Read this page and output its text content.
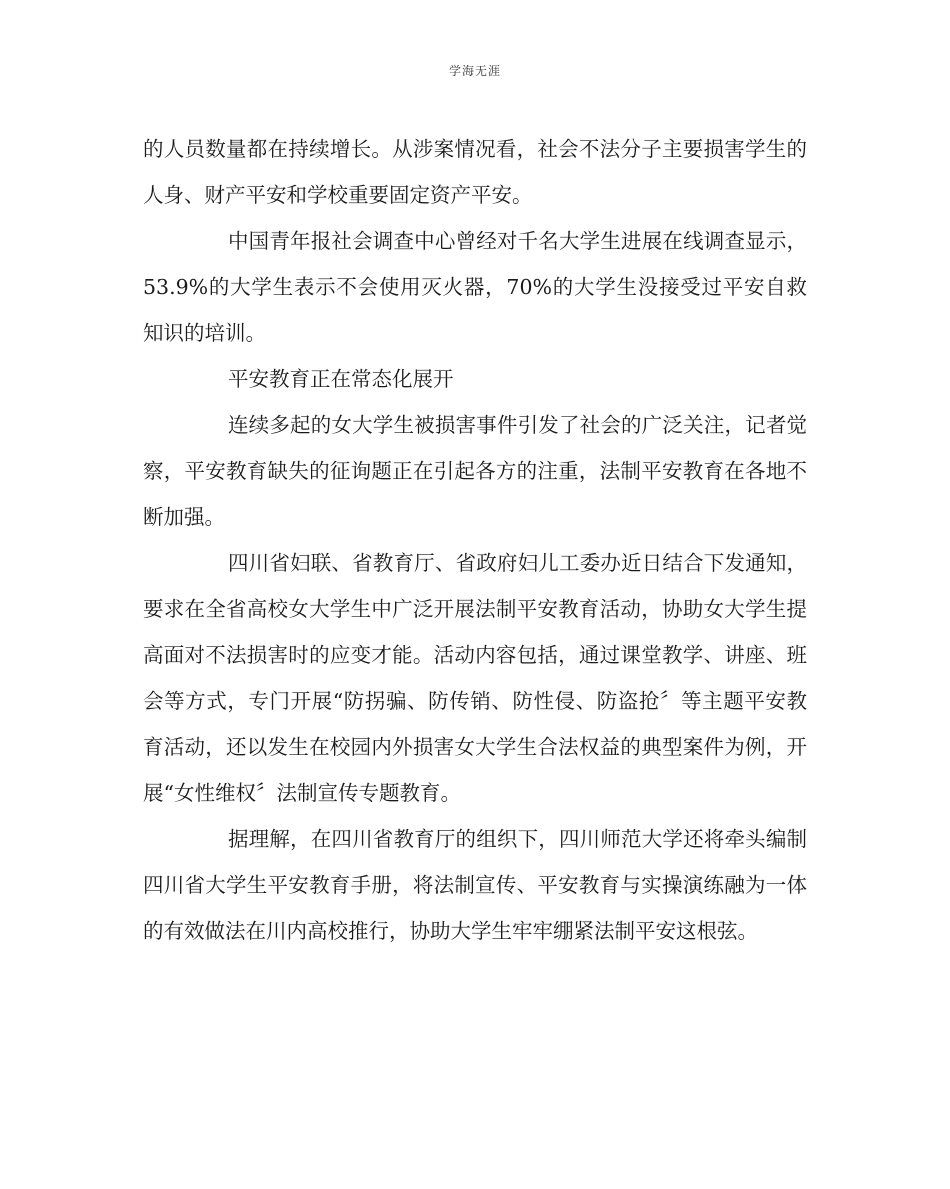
学海无涯

的人员数量都在持续增长。从涉案情况看，社会不法分子主要损害学生的人身、财产平安和学校重要固定资产平安。

中国青年报社会调查中心曾经对千名大学生进展在线调查显示，53.9%的大学生表示不会使用灭火器，70%的大学生没接受过平安自救知识的培训。

平安教育正在常态化展开

连续多起的女大学生被损害事件引发了社会的广泛关注，记者觉察，平安教育缺失的征询题正在引起各方的注重，法制平安教育在各地不断加强。

四川省妇联、省教育厅、省政府妇儿工委办近日结合下发通知，要求在全省高校女大学生中广泛开展法制平安教育活动，协助女大学生提高面对不法损害时的应变才能。活动内容包括，通过课堂教学、讲座、班会等方式，专门开展“防拐骗、防传销、防性侵、防盗抢〞等主题平安教育活动，还以发生在校园内外损害女大学生合法权益的典型案件为例，开展“女性维权〞法制宣传专题教育。

据理解，在四川省教育厅的组织下，四川师范大学还将牵头编制四川省大学生平安教育手册，将法制宣传、平安教育与实操演练融为一体的有效做法在川内高校推行，协助大学生牢牢绷紧法制平安这根弦。
